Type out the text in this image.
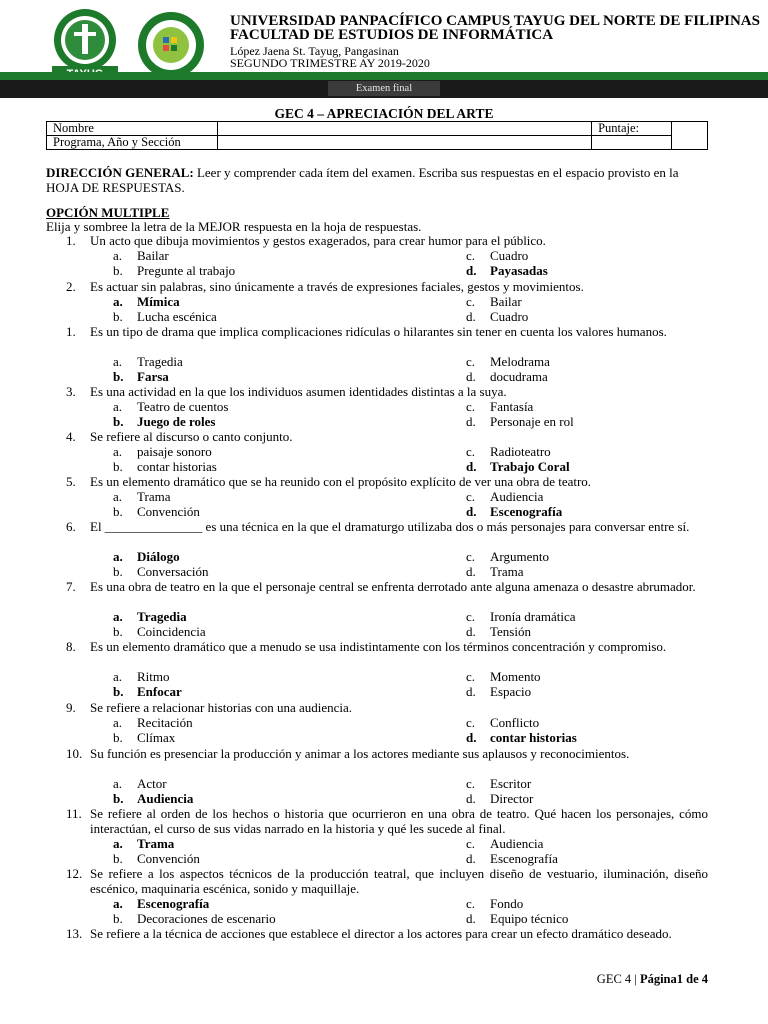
UNIVERSIDAD PANPACÍFICO CAMPUS TAYUG DEL NORTE DE FILIPINAS
FACULTAD DE ESTUDIOS DE INFORMÁTICA
López Jaena St. Tayug, Pangasinan
SEGUNDO TRIMESTRE AY 2019-2020
Examen final
GEC 4 – APRECIACIÓN DEL ARTE
Nombre		Puntaje:	
Programa, Año y Sección			
DIRECCIÓN GENERAL: Leer y comprender cada ítem del examen. Escriba sus respuestas en el espacio provisto en la HOJA DE RESPUESTAS.
OPCIÓN MULTIPLE
Elija y sombree la letra de la MEJOR respuesta en la hoja de respuestas.
1.	Un acto que dibuja movimientos y gestos exagerados, para crear humor para el público.
a. Bailar	c. Cuadro
b. Pregunte al trabajo	d. Payasadas
2.	Es actuar sin palabras, sino únicamente a través de expresiones faciales, gestos y movimientos.
a. Mímica	c. Bailar
b. Lucha escénica	d. Cuadro
1.	Es un tipo de drama que implica complicaciones ridículas o hilarantes sin tener en cuenta los valores humanos.
a. Tragedia	c. Melodrama
b. Farsa	d. docudrama
3.	Es una actividad en la que los individuos asumen identidades distintas a la suya.
a. Teatro de cuentos	c. Fantasía
b. Juego de roles	d. Personaje en rol
4.	Se refiere al discurso o canto conjunto.
a. paisaje sonoro	c. Radioteatro
b. contar historias	d. Trabajo Coral
5.	Es un elemento dramático que se ha reunido con el propósito explícito de ver una obra de teatro.
a. Trama	c. Audiencia
b. Convención	d. Escenografía
6.	El _______________ es una técnica en la que el dramaturgo utilizaba dos o más personajes para conversar entre sí.
a. Diálogo	c. Argumento
b. Conversación	d. Trama
7.	Es una obra de teatro en la que el personaje central se enfrenta derrotado ante alguna amenaza o desastre abrumador.
a. Tragedia	c. Ironía dramática
b. Coincidencia	d. Tensión
8.	Es un elemento dramático que a menudo se usa indistintamente con los términos concentración y compromiso.
a. Ritmo	c. Momento
b. Enfocar	d. Espacio
9.	Se refiere a relacionar historias con una audiencia.
a. Recitación	c. Conflicto
b. Clímax	d. contar historias
10. Su función es presenciar la producción y animar a los actores mediante sus aplausos y reconocimientos.
a. Actor	c. Escritor
b. Audiencia	d. Director
11. Se refiere al orden de los hechos o historia que ocurrieron en una obra de teatro. Qué hacen los personajes, cómo interactúan, el curso de sus vidas narrado en la historia y qué les sucede al final.
a. Trama	c. Audiencia
b. Convención	d. Escenografía
12. Se refiere a los aspectos técnicos de la producción teatral, que incluyen diseño de vestuario, iluminación, diseño escénico, maquinaria escénica, sonido y maquillaje.
a. Escenografía	c. Fondo
b. Decoraciones de escenario	d. Equipo técnico
13. Se refiere a la técnica de acciones que establece el director a los actores para crear un efecto dramático deseado.
GEC 4 | Página1 de 4
